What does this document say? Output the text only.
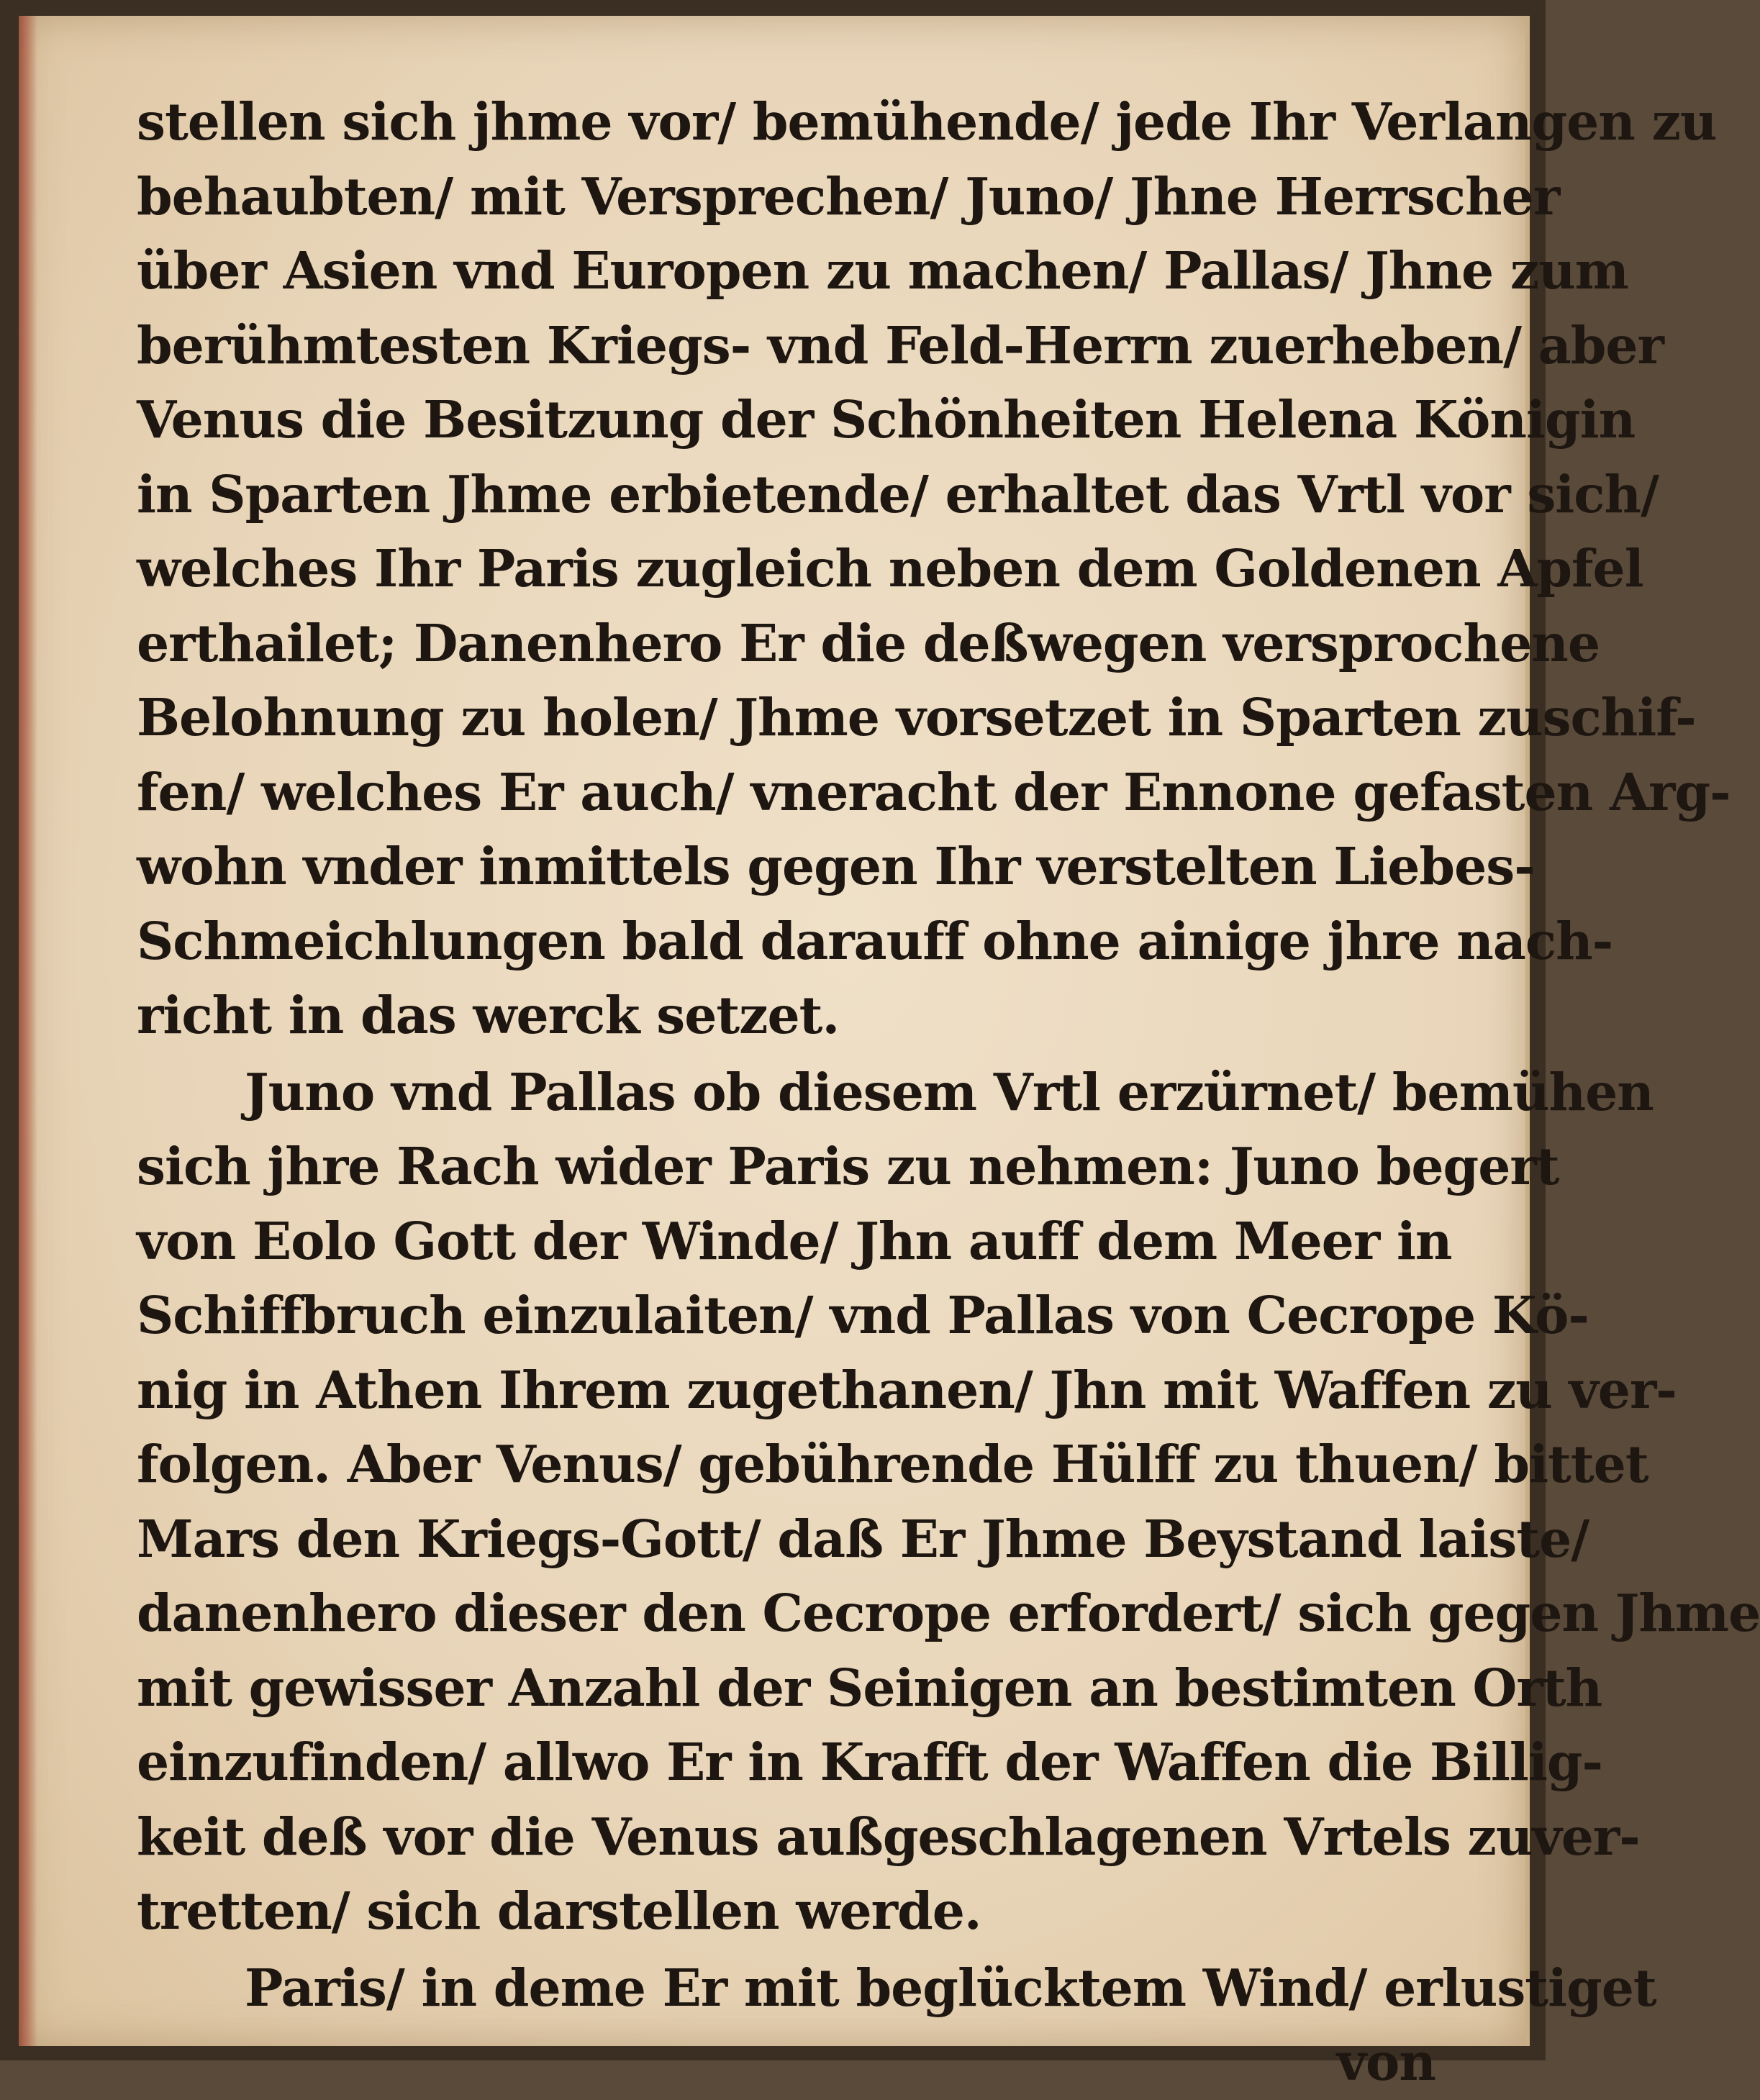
stellen sich jhme vor/ bemühende/ jede Ihr Verlangen zu
behaubten/ mit Versprechen/ Juno/ Jhne Herrscher
über Asien vnd Europen zu machen/ Pallas/ Jhne zum
berühmtesten Kriegs- vnd Feld-Herrn zuerheben/ aber
Venus die Besitzung der Schönheiten Helena Königin
in Sparten Jhme erbietende/ erhaltet das Vrtl vor sich/
welches Ihr Paris zugleich neben dem Goldenen Apfel
erthailet; Danenhero Er die deßwegen versprochene
Belohnung zu holen/ Jhme vorsetzet in Sparten zuschif-
fen/ welches Er auch/ vneracht der Ennone gefasten Arg-
wohn vnder inmittels gegen Ihr verstelten Liebes-
Schmeichlungen bald darauff ohne ainige jhre nach-
richt in das werck setzet.
Juno vnd Pallas ob diesem Vrtl erzürnet/ bemühen
sich jhre Rach wider Paris zu nehmen: Juno begert
von Eolo Gott der Winde/ Jhn auff dem Meer in
Schiffbruch einzulaiten/ vnd Pallas von Cecrope Kö-
nig in Athen Ihrem zugethanen/ Jhn mit Waffen zu ver-
folgen. Aber Venus/ gebührende Hülff zu thuen/ bittet
Mars den Kriegs-Gott/ daß Er Jhme Beystand laiste/
danenhero dieser den Cecrope erfordert/ sich gegen Jhme
mit gewisser Anzahl der Seinigen an bestimten Orth
einzufinden/ allwo Er in Krafft der Waffen die Billig-
keit deß vor die Venus außgeschlagenen Vrtels zuver-
tretten/ sich darstellen werde.
Paris/ in deme Er mit beglücktem Wind/ erlustiget
von
